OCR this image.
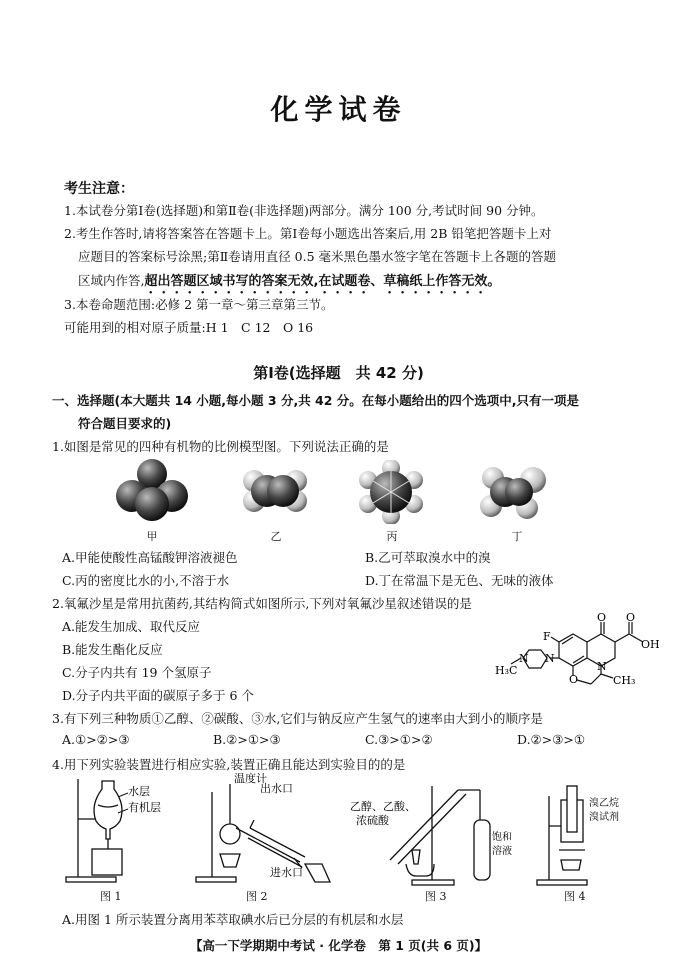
化学试卷
考生注意：
1.本试卷分第Ⅰ卷(选择题)和第Ⅱ卷(非选择题)两部分。满分 100 分,考试时间 90 分钟。
2.考生作答时,请将答案答在答题卡上。第Ⅰ卷每小题选出答案后,用 2B 铅笔把答题卡上对
应题目的答案标号涂黑;第Ⅱ卷请用直径 0.5 毫米黑色墨水签字笔在答题卡上各题的答题
区域内作答,超出答题区域书写的答案无效,在试题卷、草稿纸上作答无效。
3.本卷命题范围:必修 2 第一章～第三章第三节。
可能用到的相对原子质量:H 1　C 12　O 16
第Ⅰ卷(选择题　共 42 分)
一、选择题(本大题共 14 小题,每小题 3 分,共 42 分。在每小题给出的四个选项中,只有一项是
符合题目要求的)
1.如图是常见的四种有机物的比例模型图。下列说法正确的是
甲	乙	丙	丁
A.甲能使酸性高锰酸钾溶液褪色	B.乙可萃取溴水中的溴
C.丙的密度比水的小,不溶于水	D.丁在常温下是无色、无味的液体
2.氧氟沙星是常用抗菌药,其结构简式如图所示,下列对氧氟沙星叙述错误的是
A.能发生加成、取代反应
B.能发生酯化反应
C.分子内共有 19 个氢原子
D.分子内共平面的碳原子多于 6 个
F
O O
OH
N
N
N
O
H₃C
CH₃
3.有下列三种物质①乙醇、②碳酸、③水,它们与钠反应产生氢气的速率由大到小的顺序是
A.①>②>③	B.②>①>③	C.③>①>②	D.②>③>①
4.用下列实验装置进行相应实验,装置正确且能达到实验目的的是
水层
有机层
图 1
温度计
出水口
进水口
图 2
乙醇、乙酸、
浓硫酸
饱和
溶液
图 3
溴乙烷
溴试剂
图 4
A.用图 1 所示装置分离用苯萃取碘水后已分层的有机层和水层
【高一下学期期中考试 · 化学卷　第 1 页(共 6 页)】
